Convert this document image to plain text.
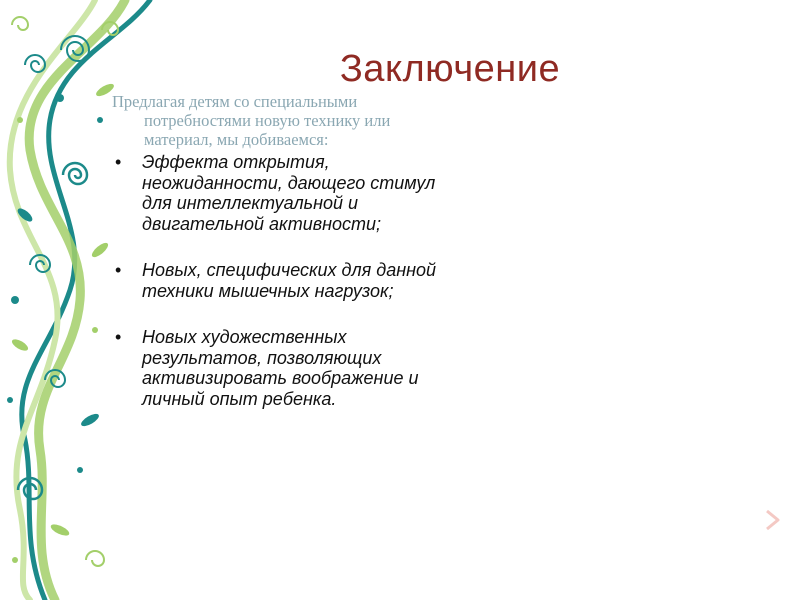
Заключение
Предлагая детям со специальными
потребностями новую технику или материал, мы добиваемся:
• Эффекта открытия, неожиданности, дающего стимул для интеллектуальной и двигательной активности;
• Новых, специфических для данной техники мышечных нагрузок;
• Новых художественных результатов, позволяющих активизировать воображение и личный опыт ребенка.
